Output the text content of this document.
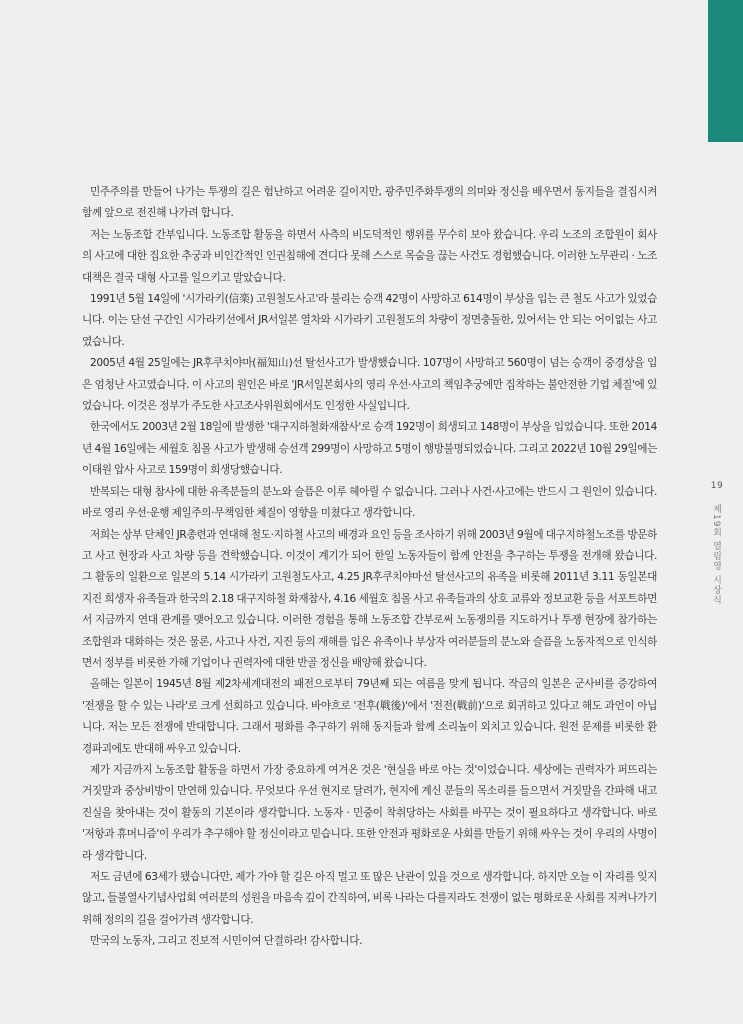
민주주의를 만들어 나가는 투쟁의 길은 험난하고 어려운 길이지만, 광주민주화투쟁의 의미와 정신을 배우면서 동지들을 결집시켜 함께 앞으로 전진해 나가려 합니다.

저는 노동조합 간부입니다. 노동조합 활동을 하면서 사측의 비도덕적인 행위를 무수히 보아 왔습니다. 우리 노조의 조합원이 회사의 사고에 대한 집요한 추궁과 비인간적인 인권침해에 견디다 못해 스스로 목숨을 끊는 사건도 경험했습니다. 이러한 노무관리 · 노조 대책은 결국 대형 사고를 일으키고 말았습니다.

1991년 5월 14일에 '시가라키(信楽) 고원철도사고'라 불리는 승객 42명이 사망하고 614명이 부상을 입는 큰 철도 사고가 있었습니다. 이는 단선 구간인 시가라키선에서 JR서일본 열차와 시가라키 고원철도의 차량이 정면충돌한, 있어서는 안 되는 어이없는 사고였습니다.

2005년 4월 25일에는 JR후쿠치야마(福知山)선 탈선사고가 발생했습니다. 107명이 사망하고 560명이 넘는 승객이 중경상을 입은 엄청난 사고였습니다. 이 사고의 원인은 바로 'JR서일본회사의 영리 우선·사고의 책임추궁에만 집착하는 불안전한 기업 체질'에 있었습니다. 이것은 정부가 주도한 사고조사위원회에서도 인정한 사실입니다.

한국에서도 2003년 2월 18일에 발생한 '대구지하철화재참사'로 승객 192명이 희생되고 148명이 부상을 입었습니다. 또한 2014년 4월 16일에는 세월호 침몰 사고가 발생해 승선객 299명이 사망하고 5명이 행방불명되었습니다. 그리고 2022년 10월 29일에는 이태원 압사 사고로 159명이 희생당했습니다.

반복되는 대형 참사에 대한 유족분들의 분노와 슬픔은 이루 헤아릴 수 없습니다. 그러나 사건·사고에는 반드시 그 원인이 있습니다. 바로 영리 우선·운행 제일주의·무책임한 체질이 영향을 미쳤다고 생각합니다.

저희는 상부 단체인 JR총련과 연대해 철도·지하철 사고의 배경과 요인 등을 조사하기 위해 2003년 9월에 대구지하철노조를 방문하고 사고 현장과 사고 차량 등을 견학했습니다. 이것이 계기가 되어 한일 노동자들이 함께 안전을 추구하는 투쟁을 전개해 왔습니다. 그 활동의 일환으로 일본의 5.14 시가라키 고원철도사고, 4.25 JR후쿠치야마선 탈선사고의 유족을 비롯해 2011년 3.11 동일본대지진 희생자 유족들과 한국의 2.18 대구지하철 화재참사, 4.16 세월호 침몰 사고 유족들과의 상호 교류와 정보교환 등을 서포트하면서 지금까지 연대 관계를 맺어오고 있습니다. 이러한 경험을 통해 노동조합 간부로써 노동쟁의를 지도하거나 투쟁 현장에 참가하는 조합원과 대화하는 것은 물론, 사고나 사건, 지진 등의 재해를 입은 유족이나 부상자 여러분들의 분노와 슬픔을 노동자적으로 인식하면서 정부를 비롯한 가해 기업이나 권력자에 대한 반골 정신을 배양해 왔습니다.

올해는 일본이 1945년 8월 제2차세계대전의 패전으로부터 79년째 되는 여름을 맞게 됩니다. 작금의 일본은 군사비를 증강하여 '전쟁을 할 수 있는 나라'로 크게 선회하고 있습니다. 바야흐로 '전후(戦後)'에서 '전전(戦前)'으로 회귀하고 있다고 해도 과언이 아닙니다. 저는 모든 전쟁에 반대합니다. 그래서 평화를 추구하기 위해 동지들과 함께 소리높이 외치고 있습니다. 원전 문제를 비롯한 환경파괴에도 반대해 싸우고 있습니다.

제가 지금까지 노동조합 활동을 하면서 가장 중요하게 여겨온 것은 '현실을 바로 아는 것'이었습니다. 세상에는 권력자가 퍼뜨리는 거짓말과 중상비방이 만연해 있습니다. 무엇보다 우선 현지로 달려가, 현지에 계신 분들의 목소리를 들으면서 거짓말을 간파해 내고 진실을 찾아내는 것이 활동의 기본이라 생각합니다. 노동자 · 민중이 착취당하는 사회를 바꾸는 것이 필요하다고 생각합니다. 바로 '저항과 휴머니즘'이 우리가 추구해야 할 정신이라고 믿습니다. 또한 안전과 평화로운 사회를 만들기 위해 싸우는 것이 우리의 사명이라 생각합니다.

저도 금년에 63세가 됐습니다만, 제가 가야 할 길은 아직 멀고 또 많은 난관이 있을 것으로 생각합니다. 하지만 오늘 이 자리를 잊지 않고, 들불열사기념사업회 여러분의 성원을 마음속 깊이 간직하여, 비록 나라는 다를지라도 전쟁이 없는 평화로운 사회를 지켜나가기 위해 정의의 길을 걸어가려 생각합니다.

만국의 노동자, 그리고 진보적 시민이여 단결하라! 감사합니다.

19
제19회 열림영 시상식
